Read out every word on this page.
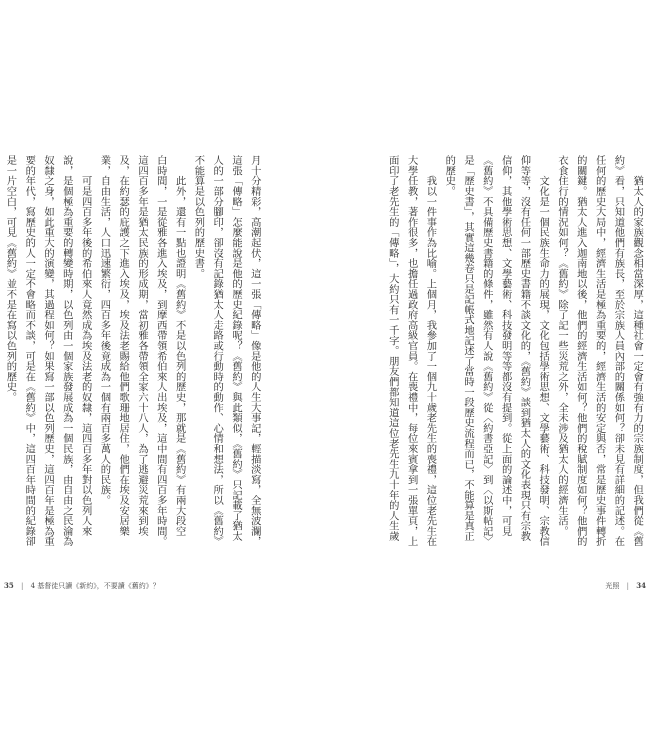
月十分精彩，高潮起伏，這一張「傳略」像是他的人生大事記，輕描淡寫，全無波瀾，
這張「傳略」怎麼能說是他的歷史紀錄呢？《舊約》與此類似，《舊約》只記載了猶太
人的一部分腳印，卻沒有記錄猶太人走路或行動時的動作、心情和想法，所以《舊約》
不能算是以色列的歷史書。
　　此外，還有一點也證明《舊約》不是以色列的歷史，那就是《舊約》有兩大段空
白時間，一是從雅各進入埃及，到摩西帶領希伯來人出埃及，這中間有四百多年時間。
這四百多年是猶太民族的形成期，當初雅各帶領全家六十八人，為了逃避災荒來到埃
及，在約瑟的庇護之下進入埃及，埃及法老賜給他們歌珊地居住，他們在埃及安居樂
業，自由生活，人口迅速繁衍，四百多年後竟成為一個有兩百多萬人的民族。
　　可是四百多年後的希伯來人竟然成為埃及法老的奴隸，這四百多年對以色列人來
說，是個極為重要的轉變時期，以色列由一個家族發展成為一個民族，由自由之民淪為
奴隸之身，如此重大的演變，其過程如何？如果寫一部以色列歷史，這四百年是極為重
要的年代，寫歷史的人一定不會略而不談，可是在《舊約》中，這四百年時間的紀錄卻
是一片空白，可見《舊約》並不是在寫以色列的歷史。
35 | 4 基督徒只讀《新約》，不要讀《舊約》？
　　猶太人的家族觀念相當深厚，這種社會一定會有強有力的宗族制度，但我們從《舊
約》看，只知道他們有族長，至於宗族人員內部的關係如何？卻未見有詳細的記述。在
任何的歷史大局中，經濟生活是極為重要的，經濟生活的安定與否，常是歷史事件轉折
的關鍵。猶太人進入迦南地以後，他們的經濟生活如何？他們的稅賦制度如何？他們的
衣食住行的情況如何？《舊約》除了記一些災荒之外，全未涉及猶太人的經濟生活。
　　文化是一個民族生命力的展現，文化包括學術思想、文學藝術、科技發明、宗教信
仰等等，沒有任何一部歷史書籍不談文化的，《舊約》談到猶太人的文化表現只有宗教
信仰，其他學術思想、文學藝術、科技發明等等都沒有提到。從上面的論述中，可見
《舊約》不具備歷史書籍的條件，雖然有人說《舊約》從〈約書亞記〉到〈以斯帖記〉
是「歷史書」，其實這幾卷只是記帳式地記述了當時一段歷史流程而已，不能算是真正
的歷史。
　　我以一件事作為比喻。上個月，我參加了一個九十歲老先生的喪禮，這位老先生在
大學任教，著作很多，也擔任過政府高級官員。在喪禮中，每位來賓拿到一張單頁，上
面印了老先生的「傳略」，大約只有一千字。朋友們都知道這位老先生九十年的人生歲
光照 | 34
